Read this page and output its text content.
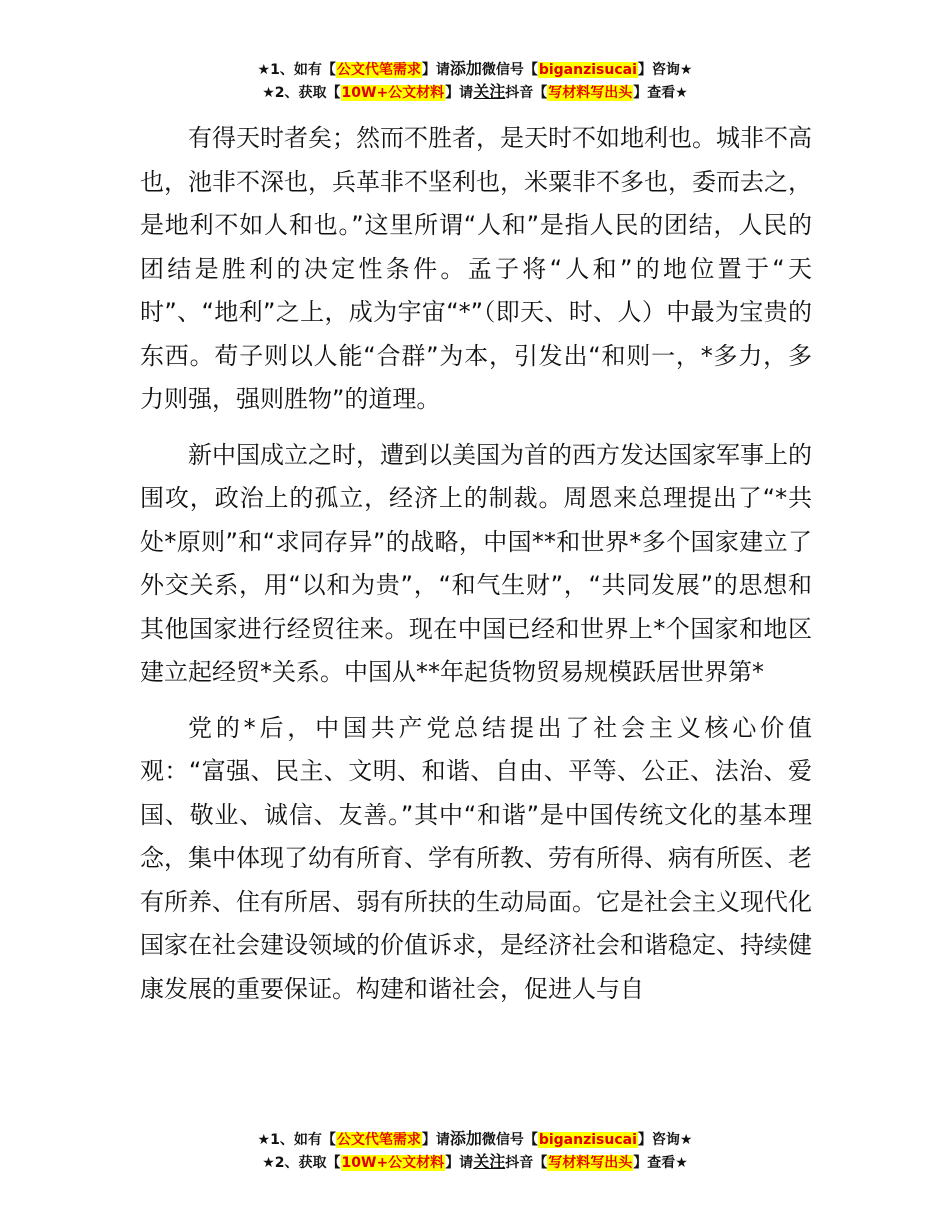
★1、如有【公文代笔需求】请添加微信号【biganzisucai】咨询★
★2、获取【10W+公文材料】请关注抖音【写材料写出头】查看★

有得天时者矣；然而不胜者，是天时不如地利也。城非不高也，池非不深也，兵革非不坚利也，米粟非不多也，委而去之，是地利不如人和也。”这里所谓“人和”是指人民的团结，人民的团结是胜利的决定性条件。孟子将“人和”的地位置于“天时”、“地利”之上，成为宇宙“*”（即天、时、人）中最为宝贵的东西。荀子则以人能“合群”为本，引发出“和则一，*多力，多力则强，强则胜物”的道理。

新中国成立之时，遭到以美国为首的西方发达国家军事上的围攻，政治上的孤立，经济上的制裁。周恩来总理提出了“*共处*原则”和“求同存异”的战略，中国**和世界*多个国家建立了外交关系，用“以和为贵”，“和气生财”，“共同发展”的思想和其他国家进行经贸往来。现在中国已经和世界上*个国家和地区建立起经贸*关系。中国从**年起货物贸易规模跃居世界第*

党的*后，中国共产党总结提出了社会主义核心价值观：“富强、民主、文明、和谐、自由、平等、公正、法治、爱国、敬业、诚信、友善。”其中“和谐”是中国传统文化的基本理念，集中体现了幼有所育、学有所教、劳有所得、病有所医、老有所养、住有所居、弱有所扶的生动局面。它是社会主义现代化国家在社会建设领域的价值诉求，是经济社会和谐稳定、持续健康发展的重要保证。构建和谐社会，促进人与自

★1、如有【公文代笔需求】请添加微信号【biganzisucai】咨询★
★2、获取【10W+公文材料】请关注抖音【写材料写出头】查看★
